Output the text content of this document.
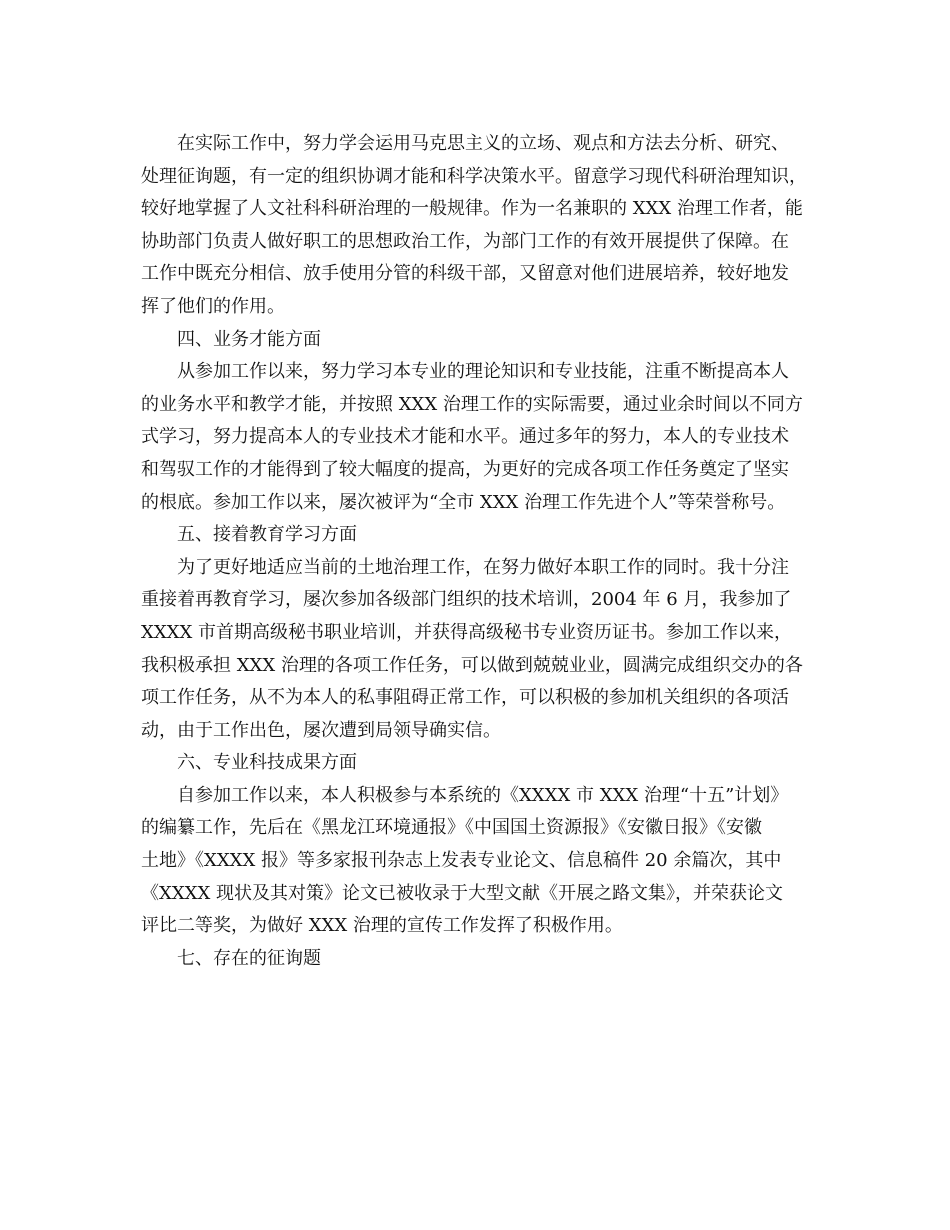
在实际工作中，努力学会运用马克思主义的立场、观点和方法去分析、研究、
处理征询题，有一定的组织协调才能和科学决策水平。留意学习现代科研治理知识，
较好地掌握了人文社科科研治理的一般规律。作为一名兼职的 XXX 治理工作者，能
协助部门负责人做好职工的思想政治工作，为部门工作的有效开展提供了保障。在
工作中既充分相信、放手使用分管的科级干部，又留意对他们进展培养，较好地发
挥了他们的作用。
四、业务才能方面
从参加工作以来，努力学习本专业的理论知识和专业技能，注重不断提高本人
的业务水平和教学才能，并按照 XXX 治理工作的实际需要，通过业余时间以不同方
式学习，努力提高本人的专业技术才能和水平。通过多年的努力，本人的专业技术
和驾驭工作的才能得到了较大幅度的提高，为更好的完成各项工作任务奠定了坚实
的根底。参加工作以来，屡次被评为“全市 XXX 治理工作先进个人”等荣誉称号。
五、接着教育学习方面
为了更好地适应当前的土地治理工作，在努力做好本职工作的同时。我十分注
重接着再教育学习，屡次参加各级部门组织的技术培训，2004 年 6 月，我参加了
XXXX 市首期高级秘书职业培训，并获得高级秘书专业资历证书。参加工作以来，
我积极承担 XXX 治理的各项工作任务，可以做到兢兢业业，圆满完成组织交办的各
项工作任务，从不为本人的私事阻碍正常工作，可以积极的参加机关组织的各项活
动，由于工作出色，屡次遭到局领导确实信。
六、专业科技成果方面
自参加工作以来，本人积极参与本系统的《XXXX 市 XXX 治理“十五”计划》
的编纂工作，先后在《黑龙江环境通报》《中国国土资源报》《安徽日报》《安徽
土地》《XXXX 报》等多家报刊杂志上发表专业论文、信息稿件 20 余篇次，其中
《XXXX 现状及其对策》论文已被收录于大型文献《开展之路文集》，并荣获论文
评比二等奖，为做好 XXX 治理的宣传工作发挥了积极作用。
七、存在的征询题
